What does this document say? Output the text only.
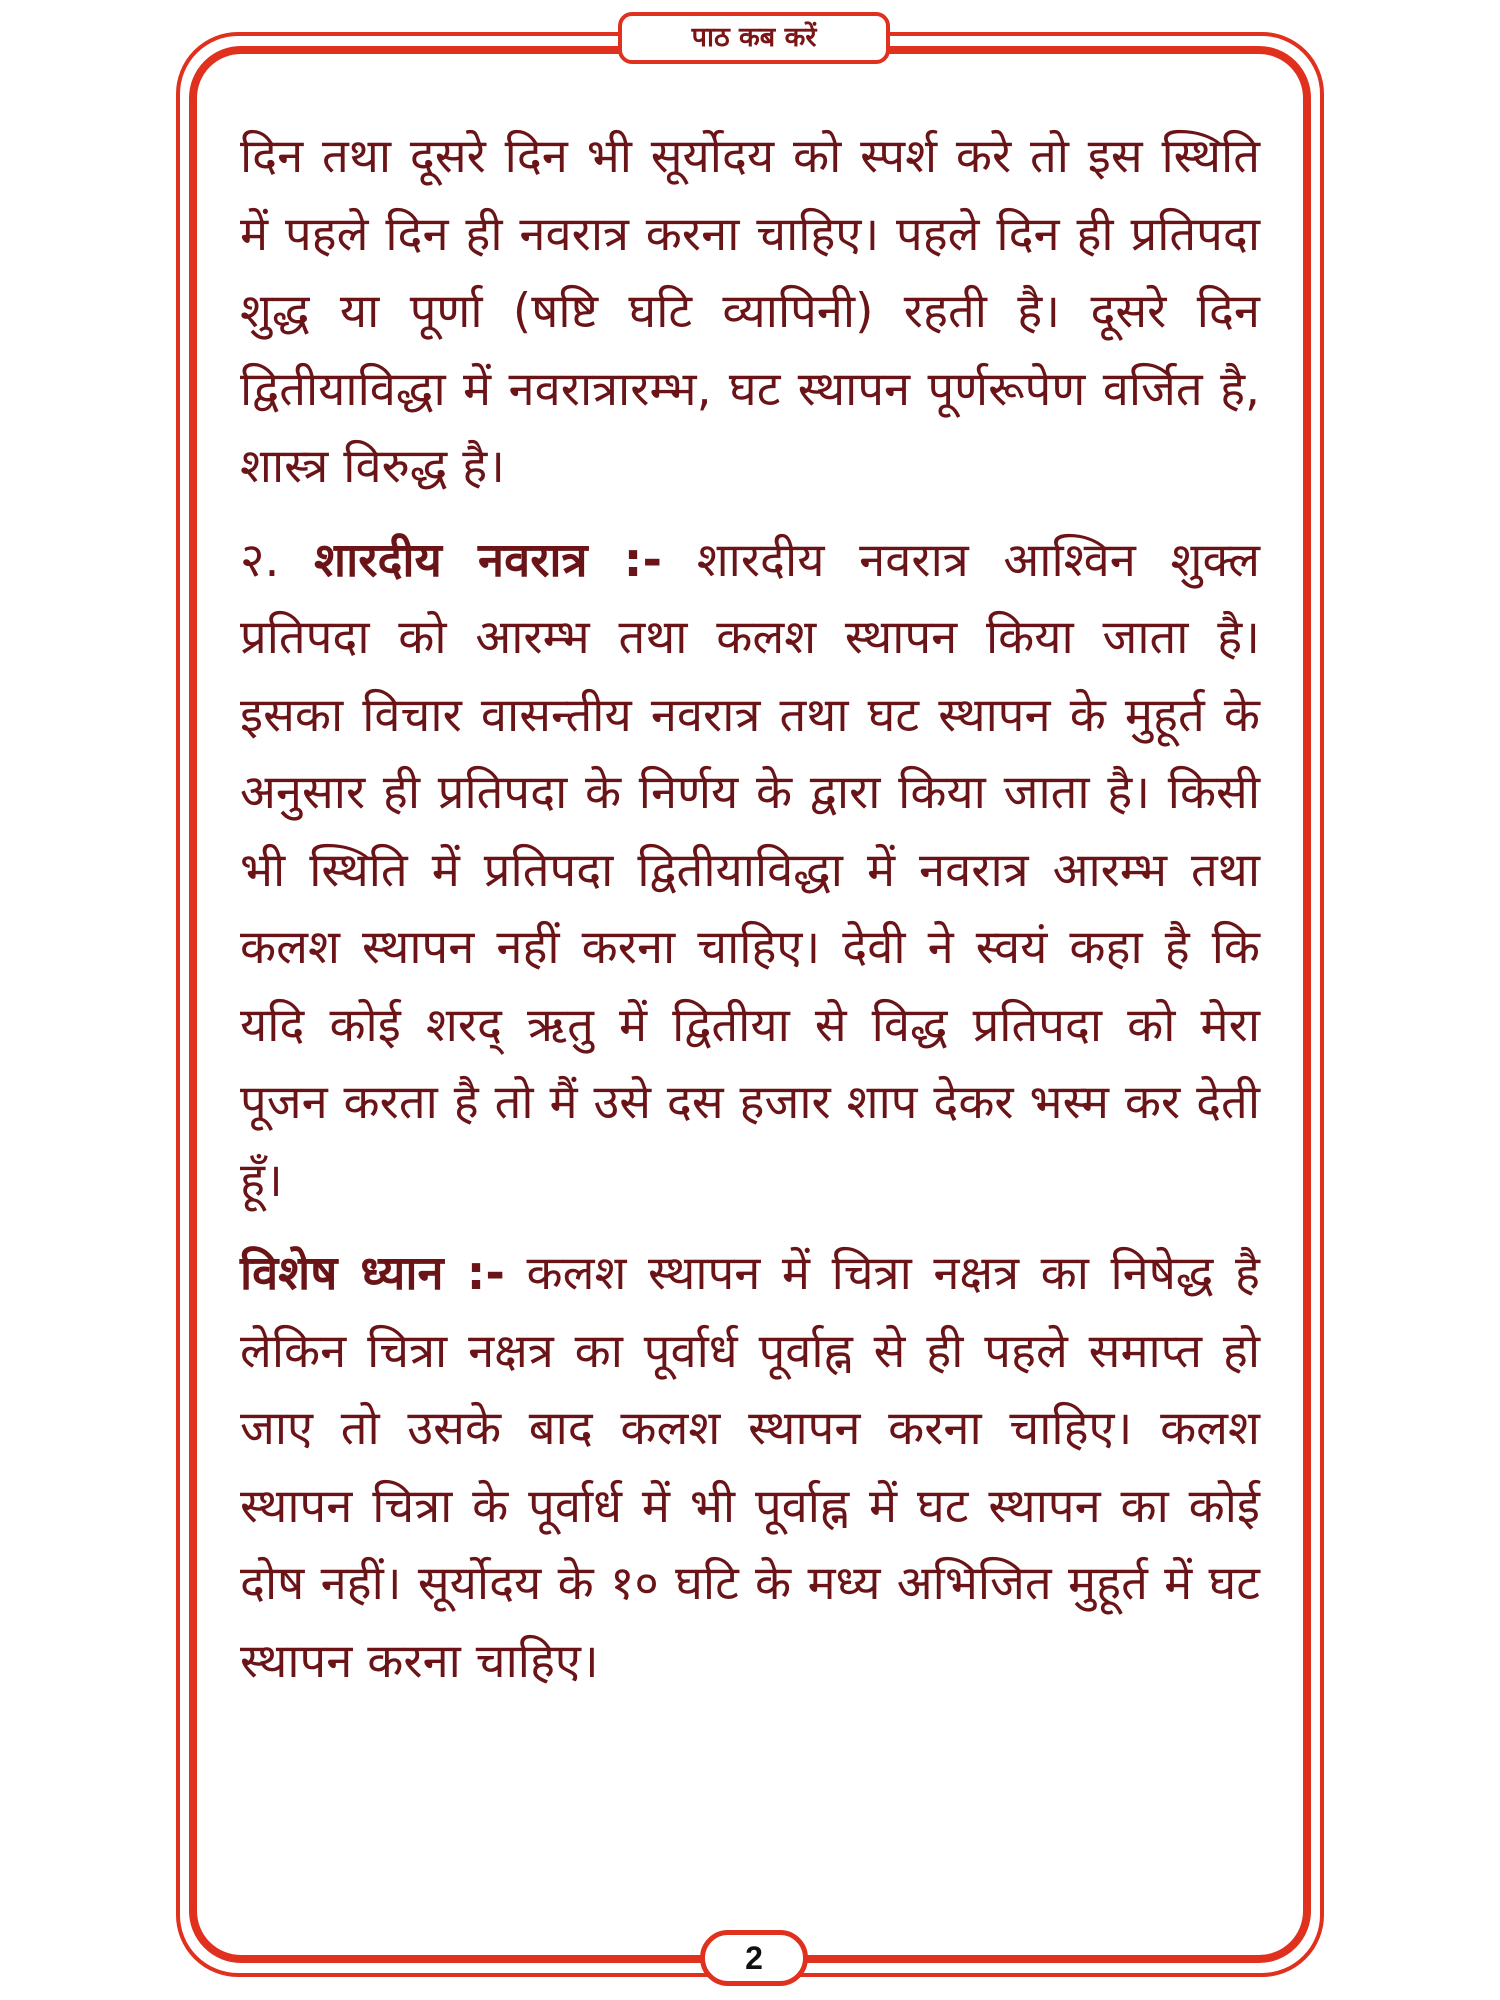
पाठ कब करें

दिन तथा दूसरे दिन भी सूर्योदय को स्पर्श करे तो इस स्थिति में पहले दिन ही नवरात्र करना चाहिए। पहले दिन ही प्रतिपदा शुद्ध या पूर्णा (षष्टि घटि व्यापिनी) रहती है। दूसरे दिन द्वितीयाविद्धा में नवरात्रारम्भ, घट स्थापन पूर्णरूपेण वर्जित है, शास्त्र विरुद्ध है।

२. शारदीय नवरात्र :- शारदीय नवरात्र आश्विन शुक्ल प्रतिपदा को आरम्भ तथा कलश स्थापन किया जाता है। इसका विचार वासन्तीय नवरात्र तथा घट स्थापन के मुहूर्त के अनुसार ही प्रतिपदा के निर्णय के द्वारा किया जाता है। किसी भी स्थिति में प्रतिपदा द्वितीयाविद्धा में नवरात्र आरम्भ तथा कलश स्थापन नहीं करना चाहिए। देवी ने स्वयं कहा है कि यदि कोई शरद् ऋतु में द्वितीया से विद्ध प्रतिपदा को मेरा पूजन करता है तो मैं उसे दस हजार शाप देकर भस्म कर देती हूँ।

विशेष ध्यान :- कलश स्थापन में चित्रा नक्षत्र का निषेद्ध है लेकिन चित्रा नक्षत्र का पूर्वार्ध पूर्वाह्न से ही पहले समाप्त हो जाए तो उसके बाद कलश स्थापन करना चाहिए। कलश स्थापन चित्रा के पूर्वार्ध में भी पूर्वाह्न में घट स्थापन का कोई दोष नहीं। सूर्योदय के १० घटि के मध्य अभिजित मुहूर्त में घट स्थापन करना चाहिए।

2
